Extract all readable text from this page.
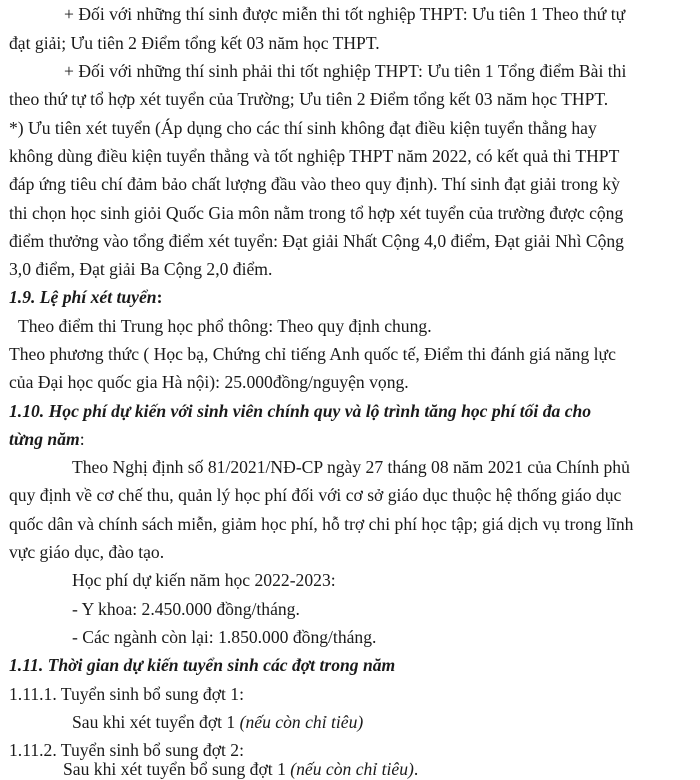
+ Đối với những thí sinh được miễn thi tốt nghiệp THPT: Ưu tiên 1 Theo thứ tự
đạt giải; Ưu tiên 2 Điểm tổng kết 03 năm học THPT.
+ Đối với những thí sinh phải thi tốt nghiệp THPT: Ưu tiên 1 Tổng điểm Bài thi
theo thứ tự tổ hợp xét tuyển của Trường; Ưu tiên 2 Điểm tổng kết 03 năm học THPT.
*) Ưu tiên xét tuyển (Áp dụng cho các thí sinh không đạt điều kiện tuyển thẳng hay
không dùng điều kiện tuyển thẳng và tốt nghiệp THPT năm 2022, có kết quả thi THPT
đáp ứng tiêu chí đảm bảo chất lượng đầu vào theo quy định). Thí sinh đạt giải trong kỳ
thi chọn học sinh giỏi Quốc Gia môn nằm trong tổ hợp xét tuyển của trường được cộng
điểm thưởng vào tổng điểm xét tuyển: Đạt giải Nhất Cộng 4,0 điểm, Đạt giải Nhì Cộng
3,0 điểm, Đạt giải Ba Cộng 2,0 điểm.
1.9. Lệ phí xét tuyển:
Theo điểm thi Trung học phổ thông: Theo quy định chung.
Theo phương thức ( Học bạ, Chứng chỉ tiếng Anh quốc tế, Điểm thi đánh giá năng lực
của Đại học quốc gia Hà nội): 25.000đồng/nguyện vọng.
1.10. Học phí dự kiến với sinh viên chính quy và lộ trình tăng học phí tối đa cho
từng năm:
Theo Nghị định số 81/2021/NĐ-CP ngày 27 tháng 08 năm 2021 của Chính phủ
quy định về cơ chế thu, quản lý học phí đối với cơ sở giáo dục thuộc hệ thống giáo dục
quốc dân và chính sách miễn, giảm học phí, hỗ trợ chi phí học tập; giá dịch vụ trong lĩnh
vực giáo dục, đào tạo.
Học phí dự kiến năm học 2022-2023:
- Y khoa: 2.450.000 đồng/tháng.
- Các ngành còn lại: 1.850.000 đồng/tháng.
1.11. Thời gian dự kiến tuyển sinh các đợt trong năm
1.11.1. Tuyển sinh bổ sung đợt 1:
Sau khi xét tuyển đợt 1 (nếu còn chỉ tiêu)
1.11.2. Tuyển sinh bổ sung đợt 2:
Sau khi xét tuyển bổ sung đợt 1 (nếu còn chỉ tiêu).
